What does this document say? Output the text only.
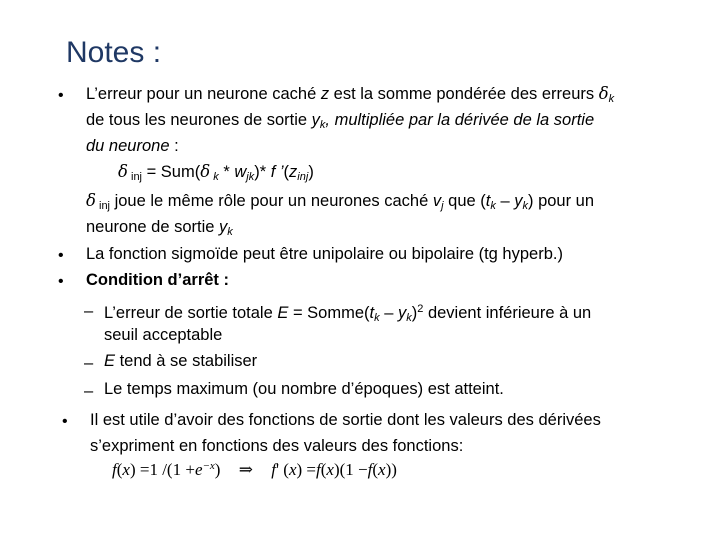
Notes :
• L’erreur pour un neurone caché z est la somme pondérée des erreurs $\delta_k$
de tous les neurones de sortie $y_k$, multipliée par la dérivée de la sortie
du neurone :
δ $_{inj}$ = Sum(δ $_k * w_{jk})*$ f $’(z_{inj})$
δ $_{inj}$ joue le même rôle pour un neurones caché $v_j$ que $(t_k - y_k)$ pour un
neurone de sortie $y_k$
• La fonction sigmoïde peut être unipolaire ou bipolaire (tg hyperb.)
• Condition d’arrêt :
– L’erreur de sortie totale $E = Somme(t_k - y_k)^2$ devient inférieure à un
seuil acceptable
– E tend à se stabiliser
– Le temps maximum (ou nombre d’époques) est atteint.
• Il est utile d’avoir des fonctions de sortie dont les valeurs des dérivées
s’expriment en fonctions des valeurs des fonctions:
f(x) =1 $/(1 +e^{-x})$ ⇒ f' (x) =f(x)(1 −f(x))
